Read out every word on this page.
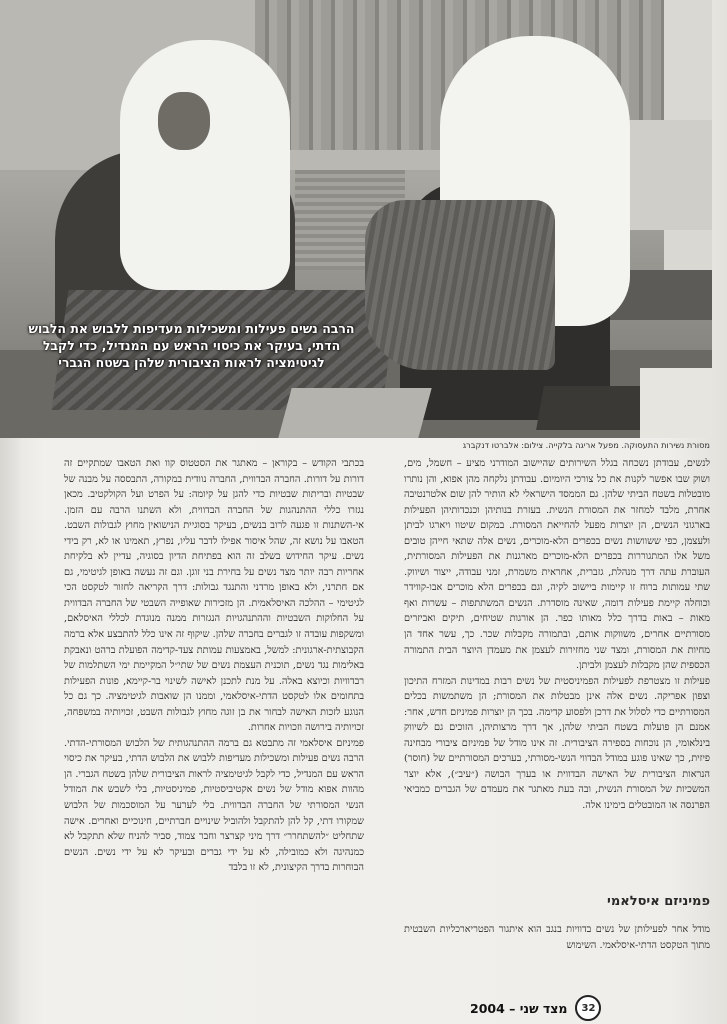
הרבה נשים פעילות ומשכילות מעדיפות ללבוש את הלבוש הדתי, בעיקר את כיסוי הראש עם המנדיל, כדי לקבל לגיטימציה לראות הציבורית שלהן בשטח הגברי

מסורת נשירות התעסוקה. מפעל אריגה בלקייה. צילום: אלברטו דנקברג

לנשים, עבודתן נשכחה בגלל השירותים שהיישוב המודרני מציע – חשמל, מים, ושוק שבו אפשר לקנות את כל צורכי היומיום. עבודתן נלקחה מהן אפוא, והן נותרו מובטלות בשטח הביתי שלהן. גם הממסד הישראלי לא הותיר להן שום אלטרנטיבה אחרת, מלבד למחזר את המסורת הנשית. בעזרת בנותיהן וכנכדותיהן הפעילות בארגוני הנשים, הן יוצרות מפעל להחייאת המסורת. במקום שיטוו ויארגו לביתן ולעצמן, כפי ששוושות נשים בכפרים הלא-מוכרים, נשים אלה שתאי חייהן טובים משל אלו המתגוררות בכפרים הלא-מוכרים מארגנות את הפעילות המסורתית, העוברת עתה דרך מנהלת, גזברית, אחראית משמרת, זמני עבודה, ייצור ושיווק. שתי עמותות ברוח זו קיימות ביישוב לקיה, וגם בכפרים הלא מוכרים אבו-קווידר וכוחלה קיימת פעילות דומה, שאינה מוסדרת. הנשים המשתתפות – עשרות ואף מאות – באות בדרך כלל מאותו כפר. הן אורגות שטיחים, תיקים ואביזרים מסורתיים אחרים, משווקות אותם, ובתמורה מקבלות שכר. כך, עשר אחד הן מחיות את המסורת, ומצד שני מחזירות לעצמן את מעמדן היוצר הבית התמורה הכספית שהן מקבלות לעצמן ולביתן.

פעילות זו מצטרפת לפעילות הפמיניסטית של נשים רבות במדינות המזרח התיכון וצפון אפריקה. נשים אלה אינן מבטלות את המסורת; הן משתמשות בכלים המסורתיים כדי לסלול את דרכן ולפסוע קדימה. בכך הן יוצרות פמיניזם חדש, אחר: אמנם הן פועלות בשטח הביתי שלהן, אך דרך מרצותיהן, הזוכים גם לשיווק בינלאומי, הן נוכחות בספירה הציבורית. זה אינו מודל של פמיניזם ציבורי מבחינה פיזית, כך שאינו פוגע במודל הבדווי הנשי-מסורתי, בערכים המסורתיים של (חוסר) הנראות הציבורית של האישה הבדווית או בערך הבושה (״עיב״), אלא יוצר המשכיות של המסורת הנשית, ובה בעת מאתגר את מעמדם של הגברים כמביאי הפרנסה או המובטלים בימינו אלה.

פמיניזם איסלאמי

מודל אחר לפעילותן של נשים בדוויות בנגב הוא איתגור הפטריארכליות השבטית מתוך הטקסט הדתי-איסלאמי. השימוש

בכתבי הקודש – בקוראן – מאתגר את הסטטוס קוו ואת הטאבו שמתקיים זה דורות על דורות. החברה הבדווית, החברה נוודית במקורה, התבססה על מבנה של שבטיות ובריתות שבטיות כדי להגן על קיומה: על הפרט ועל הקולקטיב. מכאן נגזרו כללי ההתנהגות של החברה הבדווית, ולא השתנו הרבה עם הזמן. אי-השתנות זו פגעה לרוב בנשים, בעיקר בסוגיית הנישואין מחוץ לגבולות השבט. הטאבו על נושא זה, שהל איסור אפילו לדבר עליו, נפרץ, תאמינו או לא, רק בידי נשים. עיקר החידוש בשלב זה הוא בפתיחת הדיון בסוגיה, עדיין לא בלקיחת אחריות רבה יותר מצד נשים על בחירת בני זוגן. וגם זה נעשה באופן לגיטימי, גם אם חתרני, ולא באופן מרדני והתנגד גבולות: דרך הקריאה לחזור לטקסט הכי לגיטימי – ההלכה האיסלאמית. הן מזכירות שאופייה השבטי של החברה הבדווית על החלוקות השבטיות וההתנהגויות הנגזרות ממנה מנוגדת לכללי האיסלאם, ומשקפות עובדה זו לגברים בחברה שלהן. שיקוף זה אינו כלל להתבצע אלא ברמה הקבוצתית-ארגונית: למשל, באמצעות עמותת צעד-קדימה הפועלת ברהט ונאבקת באלימות נגד נשים, תוכנית העצמת נשים של שתי״ל המקיימת ימי השתלמות של רבדוויות וכיוצא באלה. על מנת לתכנן לאישה לשינוי בר-קיימא, פונות הפעילות בתחומים אלו לטקסט הדתי-איסלאמי, וממנו הן שואבות לגיטימציה. כך גם כל הנוגע לזכות האישה לבחור את בן זוגה מחוץ לגבולות השבט, זכויותיה במשפחה, זכויותיה בירושה וזכויות אחרות.

פמיניזם איסלאמי זה מתבטא גם ברמה ההתנהגותית של הלבוש המסורתי-הדתי. הרבה נשים פעילות ומשכילות מעדיפות ללבוש את הלבוש הדתי, בעיקר את כיסוי הראש עם המנדיל, כדי לקבל לגיטימציה לראות הציבורית שלהן בשטח הגברי. הן מהוות אפוא מודל של נשים אקטיביסטיות, פמיניסטיות, בלי לשבש את המודל הנשי המסורתי של החברה הבדווית. בלי לערער על המוסכמות של הלבוש שמקורו דתי, קל להן להתקבל ולהוביל שינויים חברתיים, חינוכיים ואחרים. אישה שתחליט ״להשתחרר״ דרך מיני קצרצר וחבר צמוד, סביר להניח שלא תתקבל לא כמנהיגה ולא כמובילה, לא על ידי גברים ובעיקר לא על ידי נשים. הנשים הבוחרות בדרך הקיצונית, לא זו בלבד

32
מצד שני – 2004
